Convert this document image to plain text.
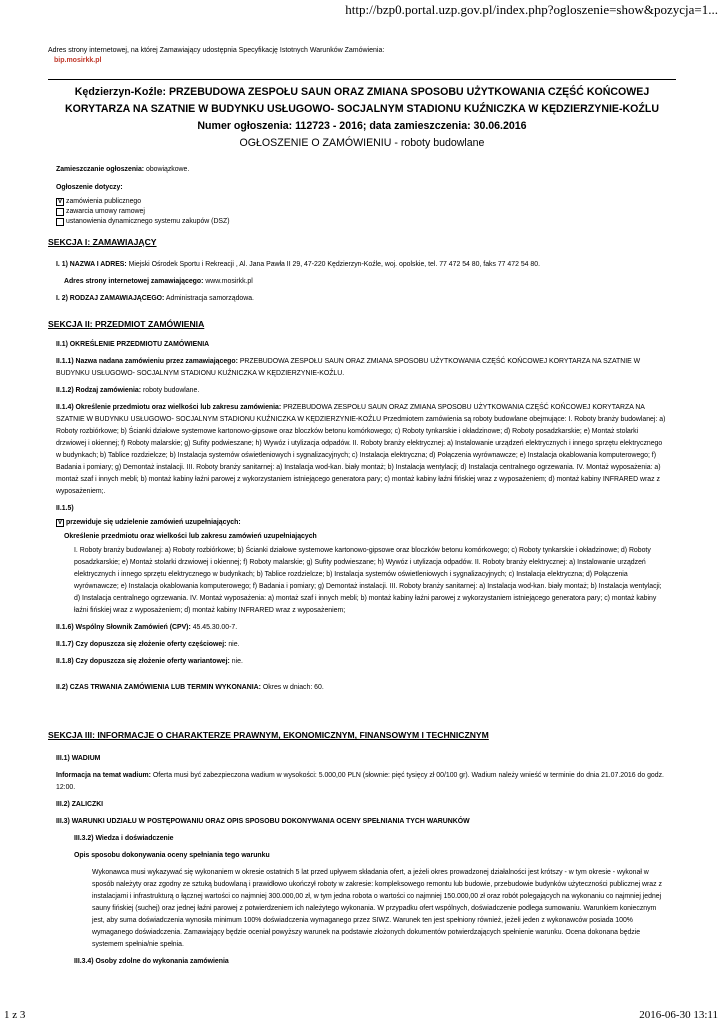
http://bzp0.portal.uzp.gov.pl/index.php?ogloszenie=show&pozycja=1...
Adres strony internetowej, na której Zamawiający udostępnia Specyfikację Istotnych Warunków Zamówienia:
bip.mosirkk.pl
Kędzierzyn-Koźle: PRZEBUDOWA ZESPOŁU SAUN ORAZ ZMIANA SPOSOBU UŻYTKOWANIA CZĘŚĆ KOŃCOWEJ
KORYTARZA NA SZATNIE W BUDYNKU USŁUGOWO- SOCJALNYM STADIONU KUŹNICZKA W KĘDZIERZYNIE-KOŹLU
Numer ogłoszenia: 112723 - 2016; data zamieszczenia: 30.06.2016
OGŁOSZENIE O ZAMÓWIENIU - roboty budowlane

Zamieszczanie ogłoszenia: obowiązkowe.

Ogłoszenie dotyczy:
V zamówienia publicznego
zawarcia umowy ramowej
ustanowienia dynamicznego systemu zakupów (DSZ)
SEKCJA I: ZAMAWIAJĄCY

I. 1) NAZWA I ADRES: Miejski Ośrodek Sportu i Rekreacji , Al. Jana Pawła II 29, 47-220 Kędzierzyn-Koźle, woj. opolskie, tel. 77 472 54 80, faks 77 472 54 80.

Adres strony internetowej zamawiającego: www.mosirkk.pl

I. 2) RODZAJ ZAMAWIAJĄCEGO: Administracja samorządowa.

SEKCJA II: PRZEDMIOT ZAMÓWIENIA

II.1) OKREŚLENIE PRZEDMIOTU ZAMÓWIENIA

II.1.1) Nazwa nadana zamówieniu przez zamawiającego: PRZEBUDOWA ZESPOŁU SAUN ORAZ ZMIANA SPOSOBU UŻYTKOWANIA CZĘŚĆ KOŃCOWEJ KORYTARZA NA SZATNIE W BUDYNKU USŁUGOWO- SOCJALNYM STADIONU KUŹNICZKA W KĘDZIERZYNIE-KOŹLU.

II.1.2) Rodzaj zamówienia: roboty budowlane.

II.1.4) Określenie przedmiotu oraz wielkości lub zakresu zamówienia: PRZEBUDOWA ZESPOŁU SAUN ORAZ ZMIANA SPOSOBU UŻYTKOWANIA CZĘŚĆ KOŃCOWEJ KORYTARZA NA SZATNIE W BUDYNKU USŁUGOWO- SOCJALNYM STADIONU KUŹNICZKA W KĘDZIERZYNIE-KOŹLU Przedmiotem zamówienia są roboty budowlane obejmujące: I. Roboty branży budowlanej: a) Roboty rozbiórkowe; b) Ścianki działowe systemowe kartonowo-gipsowe oraz bloczków betonu komórkowego; c) Roboty tynkarskie i okładzinowe; d) Roboty posadzkarskie; e) Montaż stolarki drzwiowej i okiennej; f) Roboty malarskie; g) Sufity podwieszane; h) Wywóz i utylizacja odpadów. II. Roboty branży elektrycznej: a) Instalowanie urządzeń elektrycznych i innego sprzętu elektrycznego w budynkach; b) Tablice rozdzielcze; b) Instalacja systemów oświetleniowych i sygnalizacyjnych; c) Instalacja elektryczna; d) Połączenia wyrównawcze; e) Instalacja okablowania komputerowego; f) Badania i pomiary; g) Demontaż instalacji. III. Roboty branży sanitarnej: a) Instalacja wod-kan. biały montaż; b) Instalacja wentylacji; d) Instalacja centralnego ogrzewania. IV. Montaż wyposażenia: a) montaż szaf i innych mebli; b) montaż kabiny łaźni parowej z wykorzystaniem istniejącego generatora pary; c) montaż kabiny łaźni fińskiej wraz z wyposażeniem; d) montaż kabiny INFRARED wraz z wyposażeniem;.

II.1.5)

V przewiduje się udzielenie zamówień uzupełniających:

Określenie przedmiotu oraz wielkości lub zakresu zamówień uzupełniających

I. Roboty branży budowlanej: a) Roboty rozbiórkowe; b) Ścianki działowe systemowe kartonowo-gipsowe oraz bloczków betonu komórkowego; c) Roboty tynkarskie i okładzinowe; d) Roboty posadzkarskie; e) Montaż stolarki drzwiowej i okiennej; f) Roboty malarskie; g) Sufity podwieszane; h) Wywóz i utylizacja odpadów. II. Roboty branży elektrycznej: a) Instalowanie urządzeń elektrycznych i innego sprzętu elektrycznego w budynkach; b) Tablice rozdzielcze; b) Instalacja systemów oświetleniowych i sygnalizacyjnych; c) Instalacja elektryczna; d) Połączenia wyrównawcze; e) Instalacja okablowania komputerowego; f) Badania i pomiary; g) Demontaż instalacji. III. Roboty branży sanitarnej: a) Instalacja wod-kan. biały montaż; b) Instalacja wentylacji; d) Instalacja centralnego ogrzewania. IV. Montaż wyposażenia: a) montaż szaf i innych mebli; b) montaż kabiny łaźni parowej z wykorzystaniem istniejącego generatora pary; c) montaż kabiny łaźni fińskiej wraz z wyposażeniem; d) montaż kabiny INFRARED wraz z wyposażeniem;

II.1.6) Wspólny Słownik Zamówień (CPV): 45.45.30.00-7.

II.1.7) Czy dopuszcza się złożenie oferty częściowej: nie.

II.1.8) Czy dopuszcza się złożenie oferty wariantowej: nie.

II.2) CZAS TRWANIA ZAMÓWIENIA LUB TERMIN WYKONANIA: Okres w dniach: 60.

SEKCJA III: INFORMACJE O CHARAKTERZE PRAWNYM, EKONOMICZNYM, FINANSOWYM I TECHNICZNYM

III.1) WADIUM

Informacja na temat wadium: Oferta musi być zabezpieczona wadium w wysokości: 5.000,00 PLN (słownie: pięć tysięcy zł 00/100 gr). Wadium należy wnieść w terminie do dnia 21.07.2016 do godz. 12:00.

III.2) ZALICZKI

III.3) WARUNKI UDZIAŁU W POSTĘPOWANIU ORAZ OPIS SPOSOBU DOKONYWANIA OCENY SPEŁNIANIA TYCH WARUNKÓW

III.3.2) Wiedza i doświadczenie

Opis sposobu dokonywania oceny spełniania tego warunku

Wykonawca musi wykazywać się wykonaniem w okresie ostatnich 5 lat przed upływem składania ofert, a jeżeli okres prowadzonej działalności jest krótszy - w tym okresie - wykonał w sposób należyty oraz zgodny ze sztuką budowlaną i prawidłowo ukończył roboty w zakresie: kompleksowego remontu lub budowie, przebudowie budynków użyteczności publicznej wraz z instalacjami i infrastrukturą o łącznej wartości co najmniej 300.000,00 zł, w tym jedna robota o wartości co najmniej 150.000,00 zł oraz robót polegających na wykonaniu co najmniej jednej sauny fińskiej (suchej) oraz jednej łaźni parowej z potwierdzeniem ich należytego wykonania. W przypadku ofert wspólnych, doświadczenie podlega sumowaniu. Warunkiem koniecznym jest, aby suma doświadczenia wynosiła minimum 100% doświadczenia wymaganego przez SIWZ. Warunek ten jest spełniony również, jeżeli jeden z wykonawców posiada 100% wymaganego doświadczenia. Zamawiający będzie oceniał powyższy warunek na podstawie złożonych dokumentów potwierdzających spełnienie warunku. Ocena dokonana będzie systemem spełnia/nie spełnia.

III.3.4) Osoby zdolne do wykonania zamówienia

1 z 3	2016-06-30 13:11
